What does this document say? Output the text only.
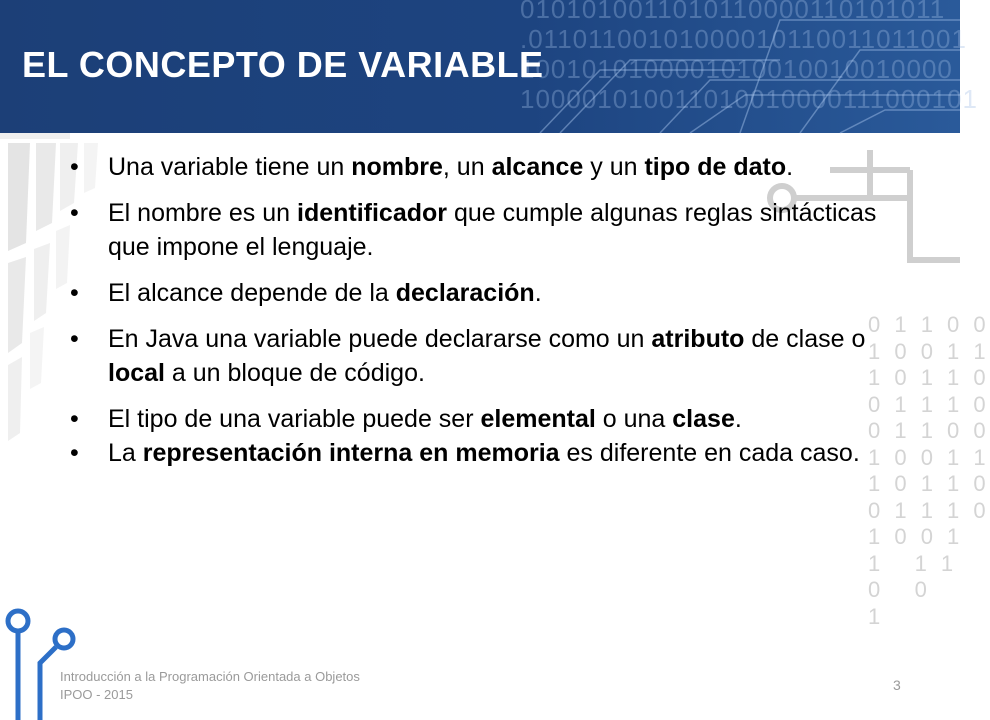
0101010011010110000110101011
.01101100101000010110011011001
1001010100001010010010010000
100001010011010010000111000101
EL CONCEPTO DE VARIABLE
0 1 1 0 0
1 0 0 1 1
1 0 1 1 0
0 1 1 1 0
0 1 1 0 0
1 0 0 1 1
1 0 1 1 0
0 1 1 1 0
1 0 0 1
1   1 1
0   0
1
• Una variable tiene un nombre, un alcance y un tipo de dato.
• El nombre es un identificador que cumple algunas reglas sintácticas que impone el lenguaje.
• El alcance depende de la declaración.
• En Java una variable puede declararse como un atributo de clase o local a un bloque de código.
• El tipo de una variable puede ser elemental o una clase.
• La representación interna en memoria es diferente en cada caso.
Introducción a la Programación Orientada a Objetos
IPOO - 2015
3
